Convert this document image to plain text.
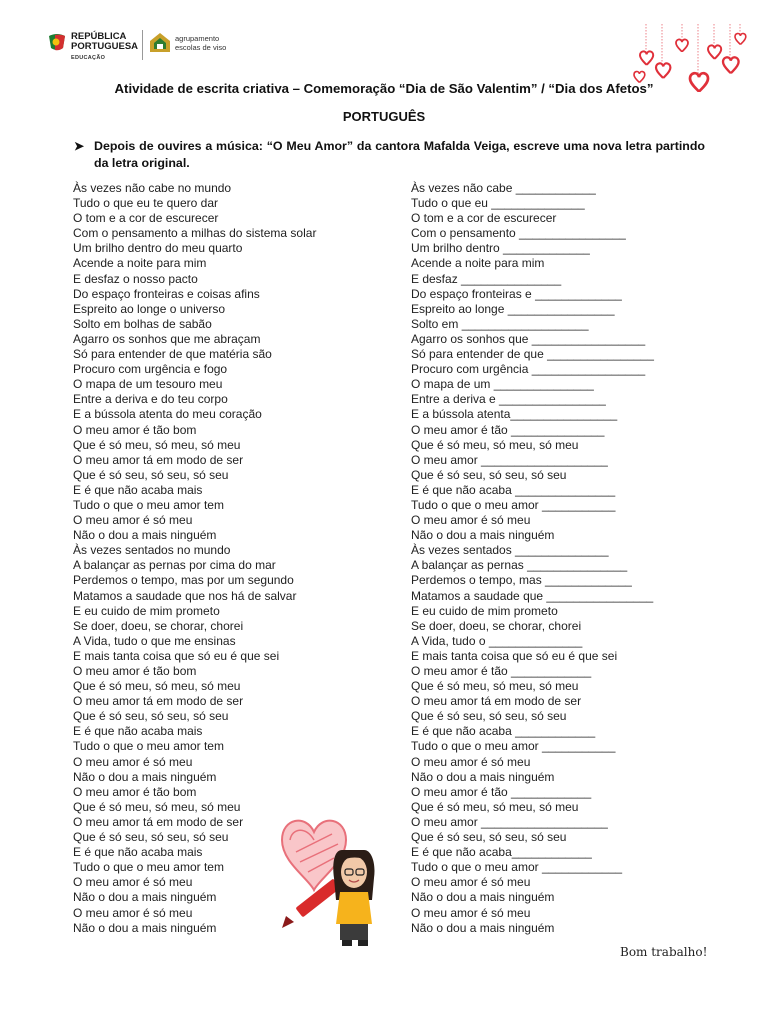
REPÚBLICA
PORTUGUESA
EDUCAÇÃO
agrupamento
escolas de viso
Atividade de escrita criativa – Comemoração “Dia de São Valentim” / “Dia dos Afetos”
PORTUGUÊS
➤ Depois de ouvires a música: “O Meu Amor” da cantora Mafalda Veiga, escreve uma nova letra partindo da letra original.
Às vezes não cabe no mundo
Tudo o que eu te quero dar
O tom e a cor de escurecer
Com o pensamento a milhas do sistema solar
Um brilho dentro do meu quarto
Acende a noite para mim
E desfaz o nosso pacto
Do espaço fronteiras e coisas afins
Espreito ao longe o universo
Solto em bolhas de sabão
Agarro os sonhos que me abraçam
Só para entender de que matéria são
Procuro com urgência e fogo
O mapa de um tesouro meu
Entre a deriva e do teu corpo
E a bússola atenta do meu coração
O meu amor é tão bom
Que é só meu, só meu, só meu
O meu amor tá em modo de ser
Que é só seu, só seu, só seu
E é que não acaba mais
Tudo o que o meu amor tem
O meu amor é só meu
Não o dou a mais ninguém
Às vezes sentados no mundo
A balançar as pernas por cima do mar
Perdemos o tempo, mas por um segundo
Matamos a saudade que nos há de salvar
E eu cuido de mim prometo
Se doer, doeu, se chorar, chorei
A Vida, tudo o que me ensinas
E mais tanta coisa que só eu é que sei
O meu amor é tão bom
Que é só meu, só meu, só meu
O meu amor tá em modo de ser
Que é só seu, só seu, só seu
E é que não acaba mais
Tudo o que o meu amor tem
O meu amor é só meu
Não o dou a mais ninguém
O meu amor é tão bom
Que é só meu, só meu, só meu
O meu amor tá em modo de ser
Que é só seu, só seu, só seu
E é que não acaba mais
Tudo o que o meu amor tem
O meu amor é só meu
Não o dou a mais ninguém
O meu amor é só meu
Não o dou a mais ninguém
Às vezes não cabe ____________
Tudo o que eu ______________
O tom e a cor de escurecer
Com o pensamento ________________
Um brilho dentro _____________
Acende a noite para mim
E desfaz _______________
Do espaço fronteiras e _____________
Espreito ao longe ________________
Solto em ___________________
Agarro os sonhos que _________________
Só para entender de que ________________
Procuro com urgência _________________
O mapa de um _______________
Entre a deriva e ________________
E a bússola atenta________________
O meu amor é tão ______________
Que é só meu, só meu, só meu
O meu amor ___________________
Que é só seu, só seu, só seu
E é que não acaba _______________
Tudo o que o meu amor ___________
O meu amor é só meu
Não o dou a mais ninguém
Às vezes sentados ______________
A balançar as pernas _______________
Perdemos o tempo, mas _____________
Matamos a saudade que ________________
E eu cuido de mim prometo
Se doer, doeu, se chorar, chorei
A Vida, tudo o ______________
E mais tanta coisa que só eu é que sei
O meu amor é tão ____________
Que é só meu, só meu, só meu
O meu amor tá em modo de ser
Que é só seu, só seu, só seu
E é que não acaba ____________
Tudo o que o meu amor ___________
O meu amor é só meu
Não o dou a mais ninguém
O meu amor é tão ____________
Que é só meu, só meu, só meu
O meu amor ___________________
Que é só seu, só seu, só seu
E é que não acaba____________
Tudo o que o meu amor ____________
O meu amor é só meu
Não o dou a mais ninguém
O meu amor é só meu
Não o dou a mais ninguém
Bom trabalho!
